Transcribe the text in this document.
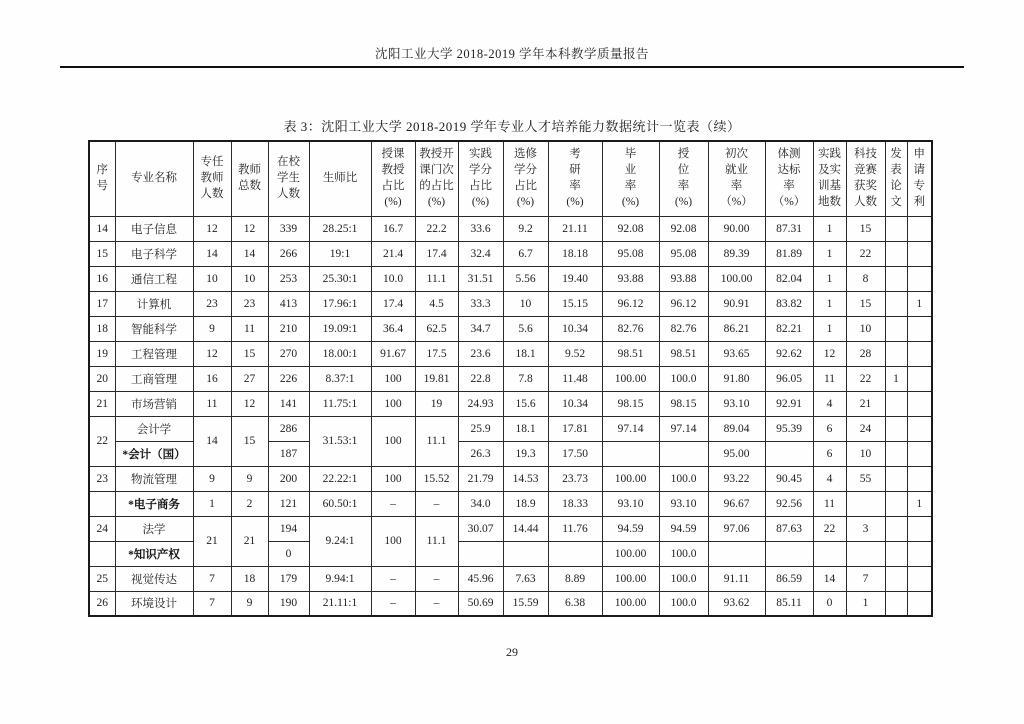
沈阳工业大学 2018-2019 学年本科教学质量报告
表 3：沈阳工业大学 2018-2019 学年专业人才培养能力数据统计一览表（续）
序
号	专业名称	专任
教师
人数	教师
总数	在校
学生
人数	生师比	授课
教授
占比
(%)	教授开
课门次
的占比
(%)	实践
学分
占比
(%)	选修
学分
占比
(%)	考
研
率
(%)	毕
业
率
(%)	授
位
率
(%)	初次
就业
率
（%）	体测
达标
率
（%）	实践
及实
训基
地数	科技
竞赛
获奖
人数	发
表
论
文	申
请
专
利
14	电子信息	12	12	339	28.25:1	16.7	22.2	33.6	9.2	21.11	92.08	92.08	90.00	87.31	1	15		
15	电子科学	14	14	266	19:1	21.4	17.4	32.4	6.7	18.18	95.08	95.08	89.39	81.89	1	22		
16	通信工程	10	10	253	25.30:1	10.0	11.1	31.51	5.56	19.40	93.88	93.88	100.00	82.04	1	8		
17	计算机	23	23	413	17.96:1	17.4	4.5	33.3	10	15.15	96.12	96.12	90.91	83.82	1	15		1
18	智能科学	9	11	210	19.09:1	36.4	62.5	34.7	5.6	10.34	82.76	82.76	86.21	82.21	1	10		
19	工程管理	12	15	270	18.00:1	91.67	17.5	23.6	18.1	9.52	98.51	98.51	93.65	92.62	12	28		
20	工商管理	16	27	226	8.37:1	100	19.81	22.8	7.8	11.48	100.00	100.0	91.80	96.05	11	22	1	
21	市场营销	11	12	141	11.75:1	100	19	24.93	15.6	10.34	98.15	98.15	93.10	92.91	4	21		
22	会计学	14	15	286	31.53:1	100	11.1	25.9	18.1	17.81	97.14	97.14	89.04	95.39	6	24		
	*会计（国）			187				26.3	19.3	17.50			95.00		6	10		
23	物流管理	9	9	200	22.22:1	100	15.52	21.79	14.53	23.73	100.00	100.0	93.22	90.45	4	55		
	*电子商务	1	2	121	60.50:1	–	–	34.0	18.9	18.33	93.10	93.10	96.67	92.56	11			1
24	法学	21	21	194	9.24:1	100	11.1	30.07	14.44	11.76	94.59	94.59	97.06	87.63	22	3		
	*知识产权			0							100.00	100.0						
25	视觉传达	7	18	179	9.94:1	–	–	45.96	7.63	8.89	100.00	100.0	91.11	86.59	14	7		
26	环境设计	7	9	190	21.11:1	–	–	50.69	15.59	6.38	100.00	100.0	93.62	85.11	0	1		
29
